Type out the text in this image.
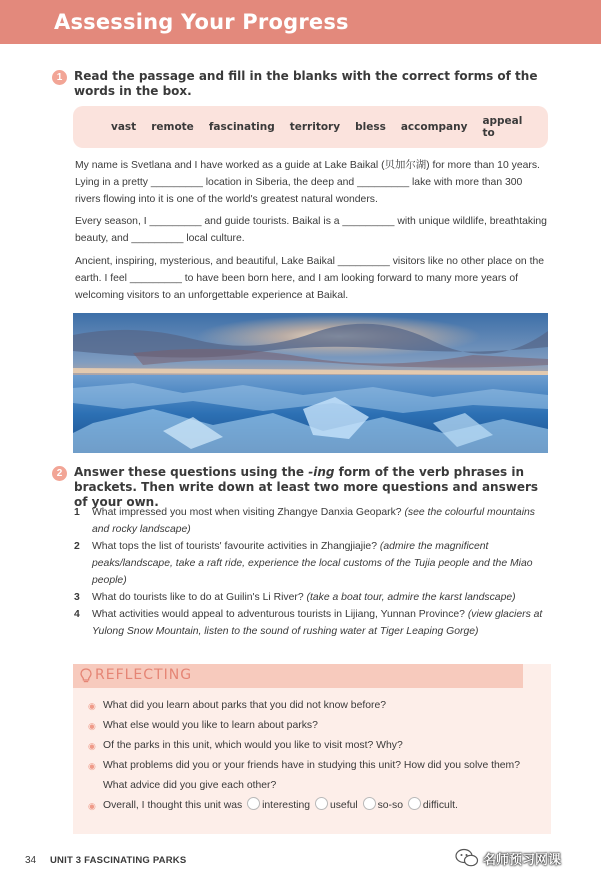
Assessing Your Progress
1 Read the passage and fill in the blanks with the correct forms of the words in the box.
vast remote fascinating territory bless accompany appeal to
My name is Svetlana and I have worked as a guide at Lake Baikal (贝加尔湖) for more than 10 years. Lying in a pretty _________ location in Siberia, the deep and _________ lake with more than 300 rivers flowing into it is one of the world's greatest natural wonders.
Every season, I _________ and guide tourists. Baikal is a _________ with unique wildlife, breathtaking beauty, and _________ local culture.
Ancient, inspiring, mysterious, and beautiful, Lake Baikal _________ visitors like no other place on the earth. I feel _________ to have been born here, and I am looking forward to many more years of welcoming visitors to an unforgettable experience at Baikal.
2 Answer these questions using the -ing form of the verb phrases in brackets. Then write down at least two more questions and answers of your own.
1	What impressed you most when visiting Zhangye Danxia Geopark? (see the colourful mountains and rocky landscape)
2	What tops the list of tourists' favourite activities in Zhangjiajie? (admire the magnificent peaks/landscape, take a raft ride, experience the local customs of the Tujia people and the Miao people)
3	What do tourists like to do at Guilin's Li River? (take a boat tour, admire the karst landscape)
4	What activities would appeal to adventurous tourists in Lijiang, Yunnan Province? (view glaciers at Yulong Snow Mountain, listen to the sound of rushing water at Tiger Leaping Gorge)
REFLECTING
◉ What did you learn about parks that you did not know before?
◉ What else would you like to learn about parks?
◉ Of the parks in this unit, which would you like to visit most? Why?
◉ What problems did you or your friends have in studying this unit? How did you solve them? What advice did you give each other?
◉ Overall, I thought this unit was interesting useful so-so difficult.
34 UNIT 3 FASCINATING PARKS	名师预习网课
